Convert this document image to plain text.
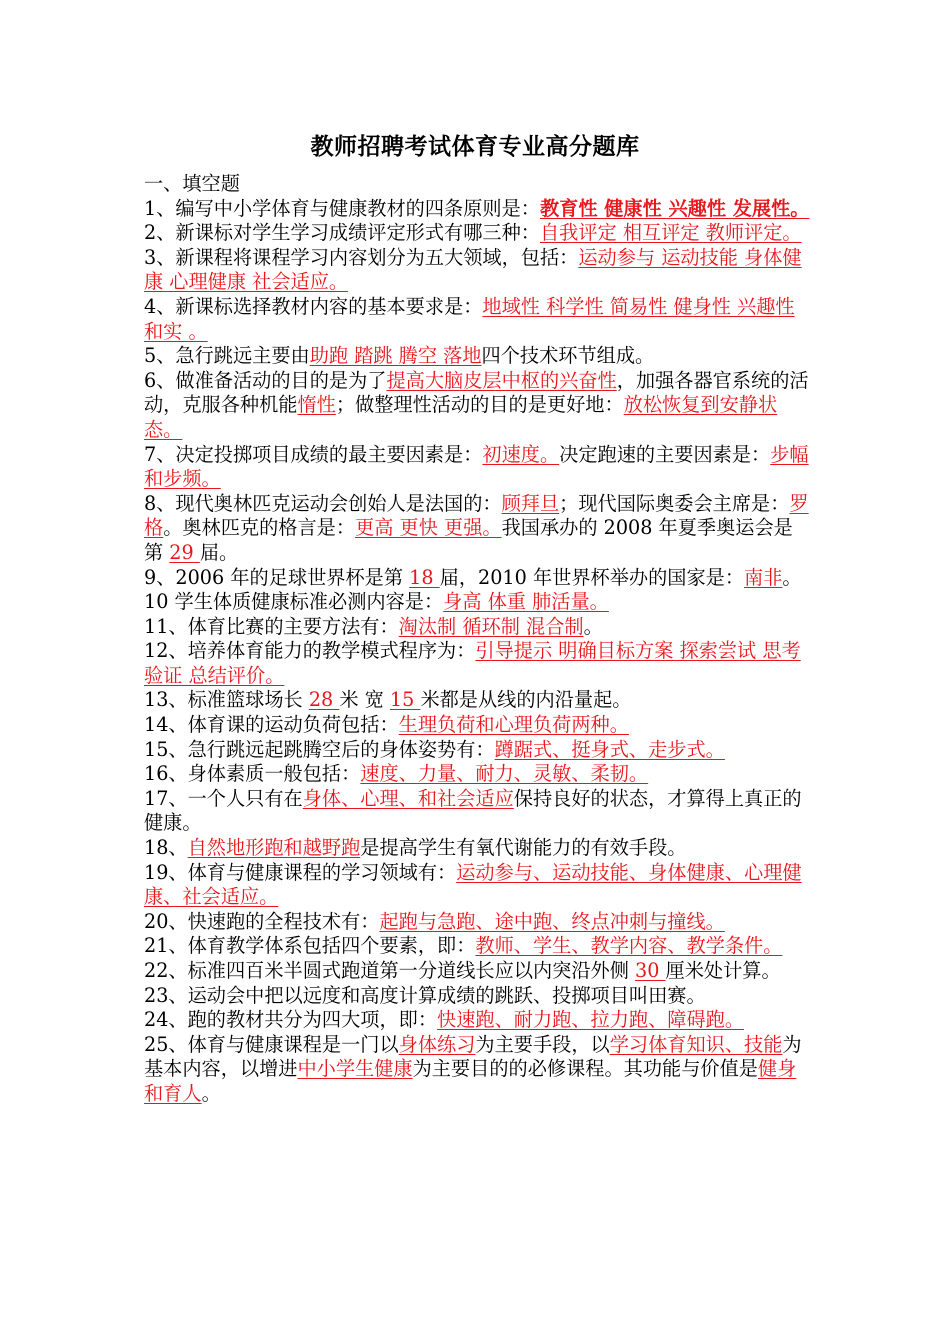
教师招聘考试体育专业高分题库

一、填空题

1、编写中小学体育与健康教材的四条原则是：教育性 健康性 兴趣性 发展性。

2、新课标对学生学习成绩评定形式有哪三种：自我评定 相互评定 教师评定。

3、新课程将课程学习内容划分为五大领域，包括：运动参与 运动技能 身体健康 心理健康 社会适应。

4、新课标选择教材内容的基本要求是：地域性 科学性 简易性 健身性 兴趣性和实 。

5、急行跳远主要由助跑 踏跳 腾空 落地四个技术环节组成。

6、做准备活动的目的是为了提高大脑皮层中枢的兴奋性，加强各器官系统的活动，克服各种机能惰性；做整理性活动的目的是更好地：放松恢复到安静状态。

7、决定投掷项目成绩的最主要因素是：初速度。决定跑速的主要因素是：步幅和步频。

8、现代奥林匹克运动会创始人是法国的：顾拜旦；现代国际奥委会主席是：罗格。奥林匹克的格言是：更高 更快 更强。我国承办的 2008 年夏季奥运会是第 29 届。

9、2006 年的足球世界杯是第 18 届，2010 年世界杯举办的国家是：南非。

10 学生体质健康标准必测内容是：身高 体重 肺活量。

11、体育比赛的主要方法有：淘汰制 循环制 混合制。

12、培养体育能力的教学模式程序为：引导提示 明确目标方案 探索尝试 思考验证 总结评价。

13、标准篮球场长 28 米 宽 15 米都是从线的内沿量起。

14、体育课的运动负荷包括：生理负荷和心理负荷两种。

15、急行跳远起跳腾空后的身体姿势有：蹲踞式、挺身式、走步式。

16、身体素质一般包括：速度、力量、耐力、灵敏、柔韧。

17、一个人只有在身体、心理、和社会适应保持良好的状态，才算得上真正的健康。

18、自然地形跑和越野跑是提高学生有氧代谢能力的有效手段。

19、体育与健康课程的学习领域有：运动参与、运动技能、身体健康、心理健康、社会适应。

20、快速跑的全程技术有：起跑与急跑、途中跑、终点冲刺与撞线。

21、体育教学体系包括四个要素，即：教师、学生、教学内容、教学条件。

22、标准四百米半圆式跑道第一分道线长应以内突沿外侧 30 厘米处计算。

23、运动会中把以远度和高度计算成绩的跳跃、投掷项目叫田赛。

24、跑的教材共分为四大项，即：快速跑、耐力跑、拉力跑、障碍跑。

25、体育与健康课程是一门以身体练习为主要手段，以学习体育知识、技能为基本内容，以增进中小学生健康为主要目的的必修课程。其功能与价值是健身和育人。
